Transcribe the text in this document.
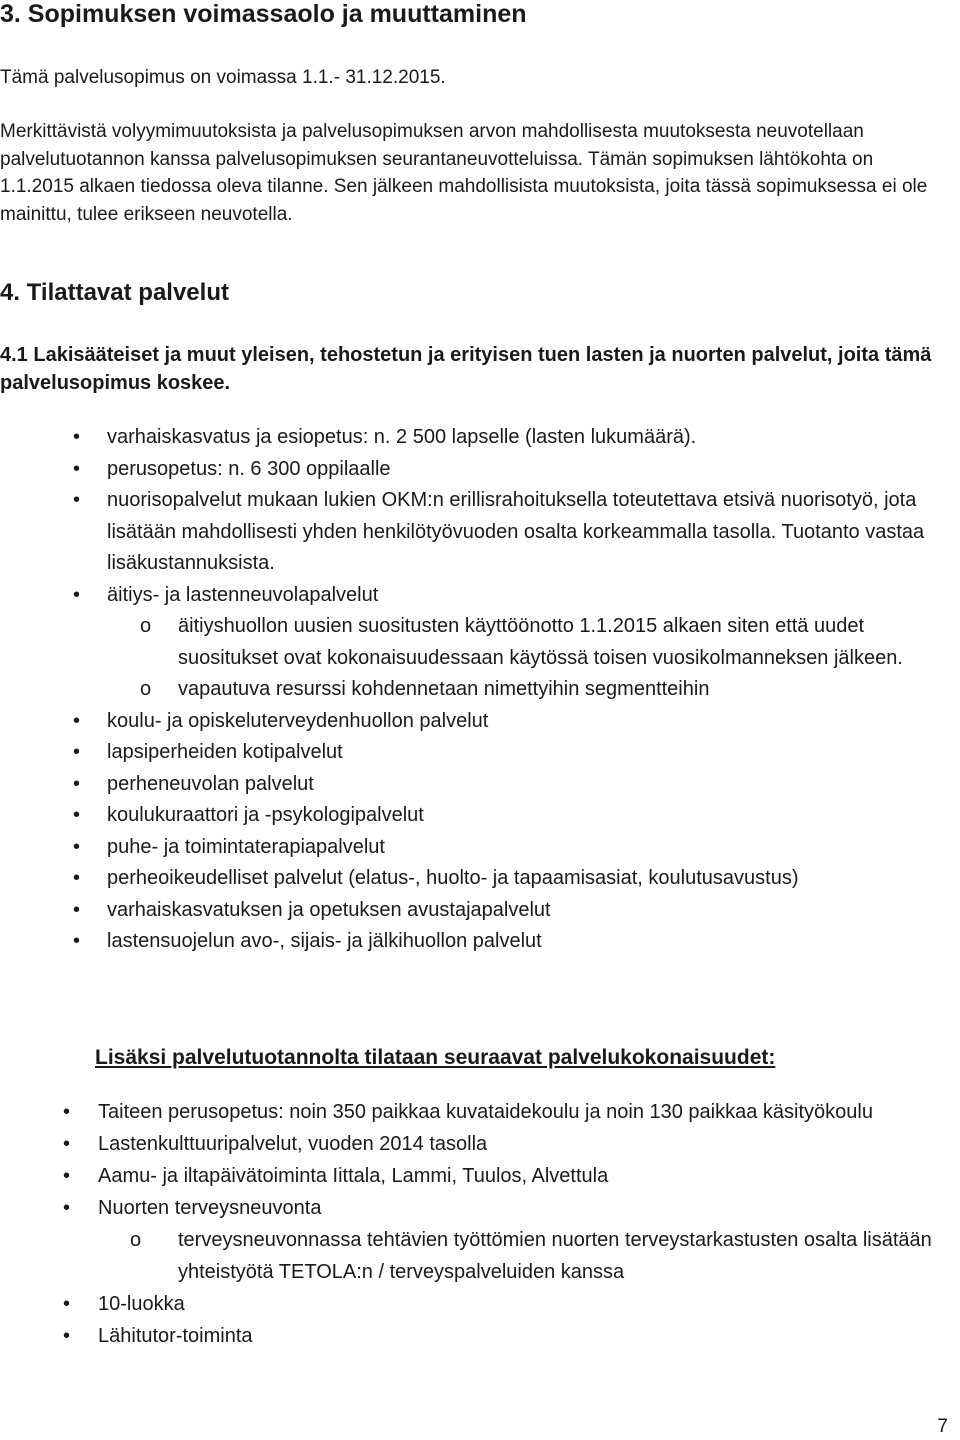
3. Sopimuksen voimassaolo ja muuttaminen
Tämä palvelusopimus on voimassa 1.1.- 31.12.2015.
Merkittävistä volyymimuutoksista ja palvelusopimuksen arvon mahdollisesta muutoksesta neuvotellaan palvelutuotannon kanssa palvelusopimuksen seurantaneuvotteluissa. Tämän sopimuksen lähtökohta on 1.1.2015 alkaen tiedossa oleva tilanne. Sen jälkeen mahdollisista muutoksista, joita tässä sopimuksessa ei ole mainittu, tulee erikseen neuvotella.
4. Tilattavat palvelut
4.1 Lakisääteiset ja muut yleisen, tehostetun ja erityisen tuen lasten ja nuorten palvelut, joita tämä palvelusopimus koskee.
• varhaiskasvatus ja esiopetus: n. 2 500 lapselle (lasten lukumäärä).
• perusopetus: n. 6 300 oppilaalle
• nuorisopalvelut mukaan lukien OKM:n erillisrahoituksella toteutettava etsivä nuorisotyö, jota lisätään mahdollisesti yhden henkilötyövuoden osalta korkeammalla tasolla. Tuotanto vastaa lisäkustannuksista.
• äitiys- ja lastenneuvolapalvelut
o äitiyshuollon uusien suositusten käyttöönotto 1.1.2015 alkaen siten että uudet suositukset ovat kokonaisuudessaan käytössä toisen vuosikolmanneksen jälkeen.
o vapautuva resurssi kohdennetaan nimettyihin segmentteihin
• koulu- ja opiskeluterveydenhuollon palvelut
• lapsiperheiden kotipalvelut
• perheneuvolan palvelut
• koulukuraattori ja -psykologipalvelut
• puhe- ja toimintaterapiapalvelut
• perheoikeudelliset palvelut (elatus-, huolto- ja tapaamisasiat, koulutusavustus)
• varhaiskasvatuksen ja opetuksen avustajapalvelut
• lastensuojelun avo-, sijais- ja jälkihuollon palvelut
Lisäksi palvelutuotannolta tilataan seuraavat palvelukokonaisuudet:
• Taiteen perusopetus: noin 350 paikkaa kuvataidekoulu ja noin 130 paikkaa käsityökoulu
• Lastenkulttuuripalvelut, vuoden 2014 tasolla
• Aamu- ja iltapäivätoiminta Iittala, Lammi, Tuulos, Alvettula
• Nuorten terveysneuvonta
o terveysneuvonnassa tehtävien työttömien nuorten terveystarkastusten osalta lisätään yhteistyötä TETOLA:n / terveyspalveluiden kanssa
• 10-luokka
• Lähitutor-toiminta
7
